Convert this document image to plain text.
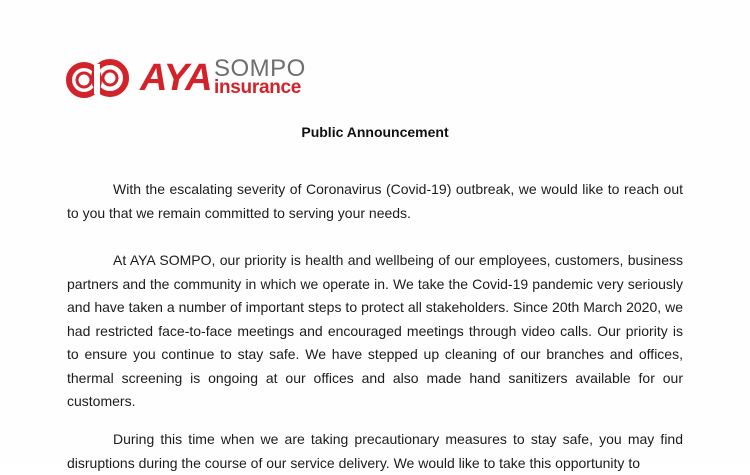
AYA SOMPO
insurance
Public Announcement

With the escalating severity of Coronavirus (Covid-19) outbreak, we would like to reach out to you that we remain committed to serving your needs.

At AYA SOMPO, our priority is health and wellbeing of our employees, customers, business partners and the community in which we operate in. We take the Covid-19 pandemic very seriously and have taken a number of important steps to protect all stakeholders. Since 20th March 2020, we had restricted face-to-face meetings and encouraged meetings through video calls. Our priority is to ensure you continue to stay safe. We have stepped up cleaning of our branches and offices, thermal screening is ongoing at our offices and also made hand sanitizers available for our customers.

During this time when we are taking precautionary measures to stay safe, you may find disruptions during the course of our service delivery. We would like to take this opportunity to
